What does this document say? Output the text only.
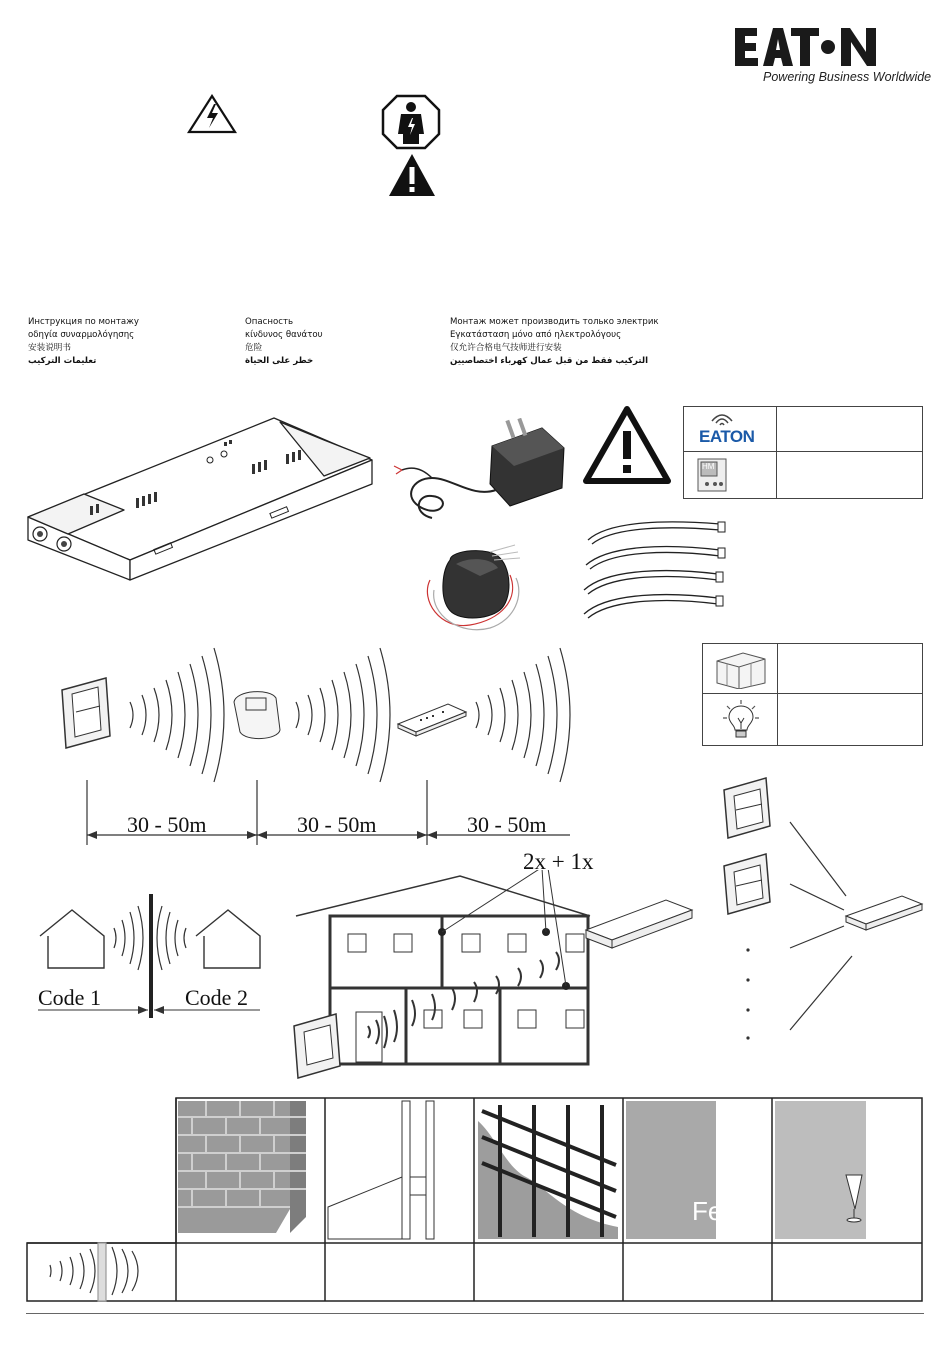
Powering Business Worldwide
Инструкция по монтажу
οδηγία συναρμολόγησης
安装说明书
تعليمات التركيب
Опасность
κίνδυνος θανάτου
危险
خطر على الحياة
Монтаж может производить только электрик
Εγκατάσταση μόνο από ηλεκτρολόγους
仅允许合格电气技师进行安装
التركيب فقط من قبل عمال كهرباء اختصاصيين
EATON
HM
30 - 50m	30 - 50m	30 - 50m
Code 1	Code 2
2x + 1x
Fe
